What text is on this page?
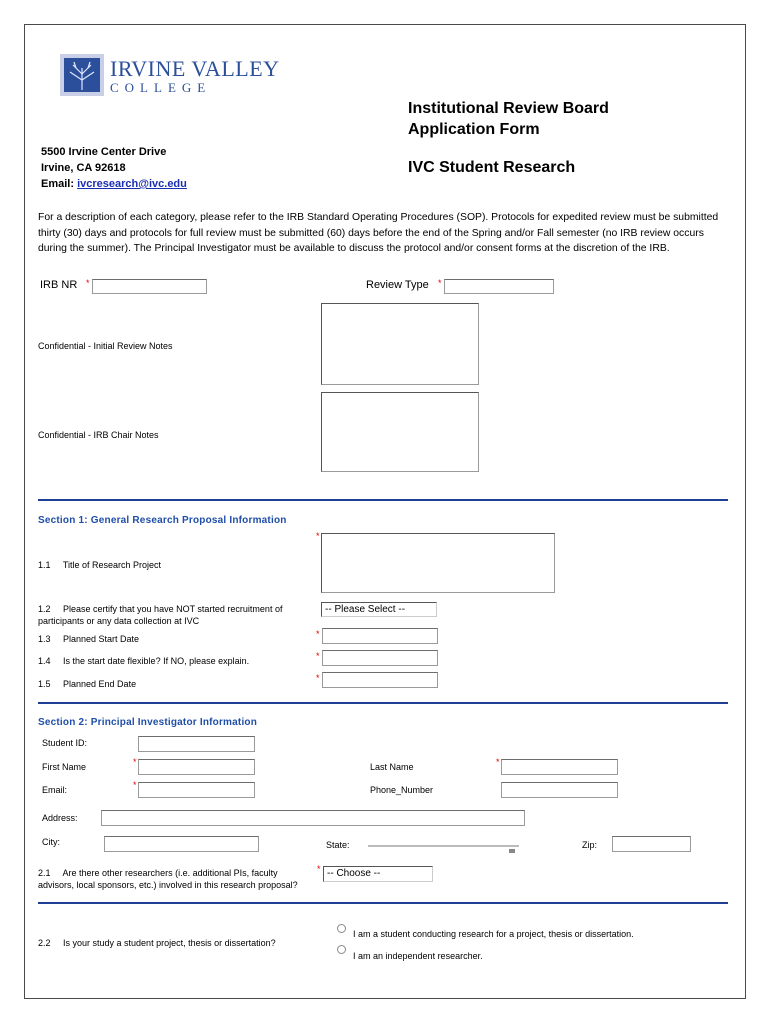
IRVINE VALLEY
COLLEGE
Institutional Review Board
Application Form
IVC Student Research
5500 Irvine Center Drive
Irvine, CA 92618
Email: ivcresearch@ivc.edu
For a description of each category, please refer to the IRB Standard Operating Procedures (SOP). Protocols for expedited review must be submitted thirty (30) days and protocols for full review must be submitted (60) days before the end of the Spring and/or Fall semester (no IRB review occurs during the summer). The Principal Investigator must be available to discuss the protocol and/or consent forms at the discretion of the IRB.
IRB NR *	Review Type *
Confidential - Initial Review Notes
Confidential - IRB Chair Notes
Section 1: General Research Proposal Information
1.1     Title of Research Project
*
1.2     Please certify that you have NOT started recruitment of participants or any data collection at IVC
-- Please Select --
1.3     Planned Start Date	*
1.4     Is the start date flexible? If NO, please explain.	*
1.5     Planned End Date
*
Section 2: Principal Investigator Information
Student ID:
First Name	*	Last Name	*
Email:	*	Phone_Number
Address:
City:	State:	Zip:
2.1     Are there other researchers (i.e. additional PIs, faculty advisors, local sponsors, etc.) involved in this research proposal?
* -- Choose --
2.2     Is your study a student project, thesis or dissertation?
I am a student conducting research for a project, thesis or dissertation.
I am an independent researcher.
